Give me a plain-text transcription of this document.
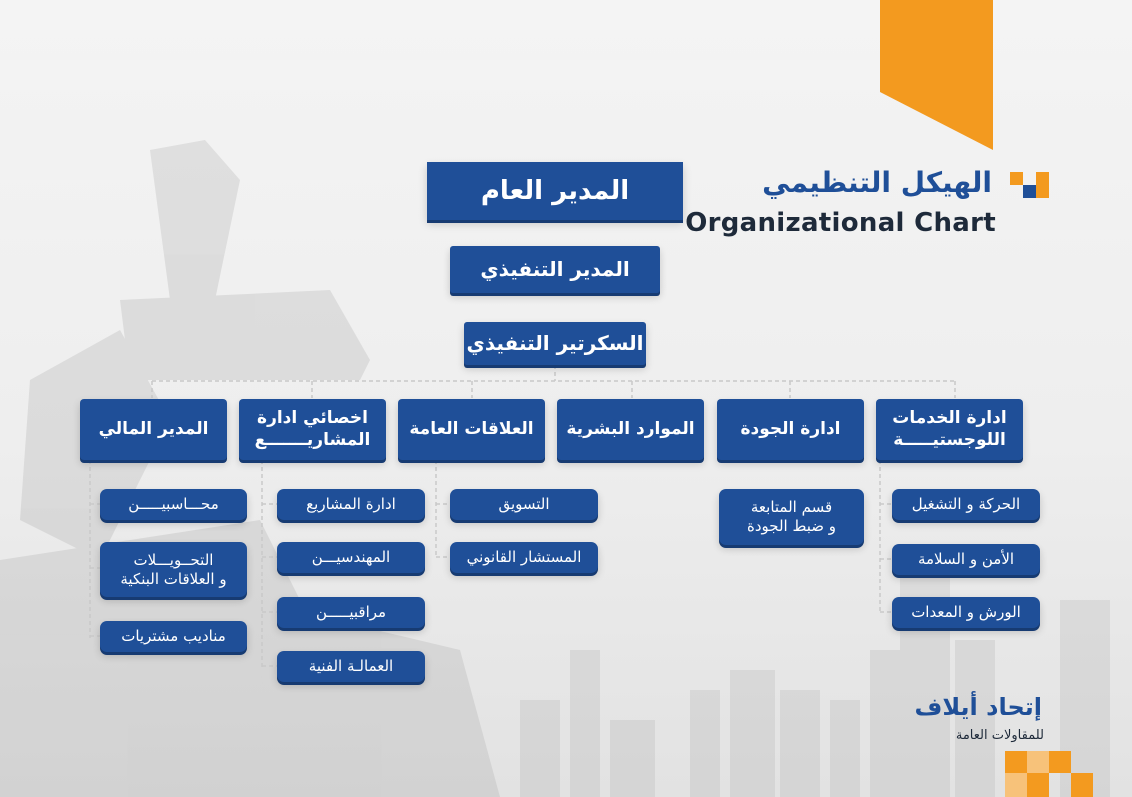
الهيكل التنظيمي
Organizational Chart
المدير العام
المدير التنفيذي
السكرتير التنفيذي
ادارة الخدمات
اللوجستيـــــة
ادارة الجودة
الموارد البشرية
العلاقات العامة
اخصائي ادارة
المشاريـــــــع
المدير المالي
الحركة و التشغيل
الأمن و السلامة
الورش و المعدات
قسم المتابعة
و ضبط الجودة
التسويق
المستشار القانوني
ادارة المشاريع
المهندسيـــن
مراقبيـــــن
العمالـة الفنية
محـــاسبيـــــن
التحــويـــلات
و العلاقات البنكية
مناديب مشتريات
إتحاد أيلاف
للمقاولات العامة
